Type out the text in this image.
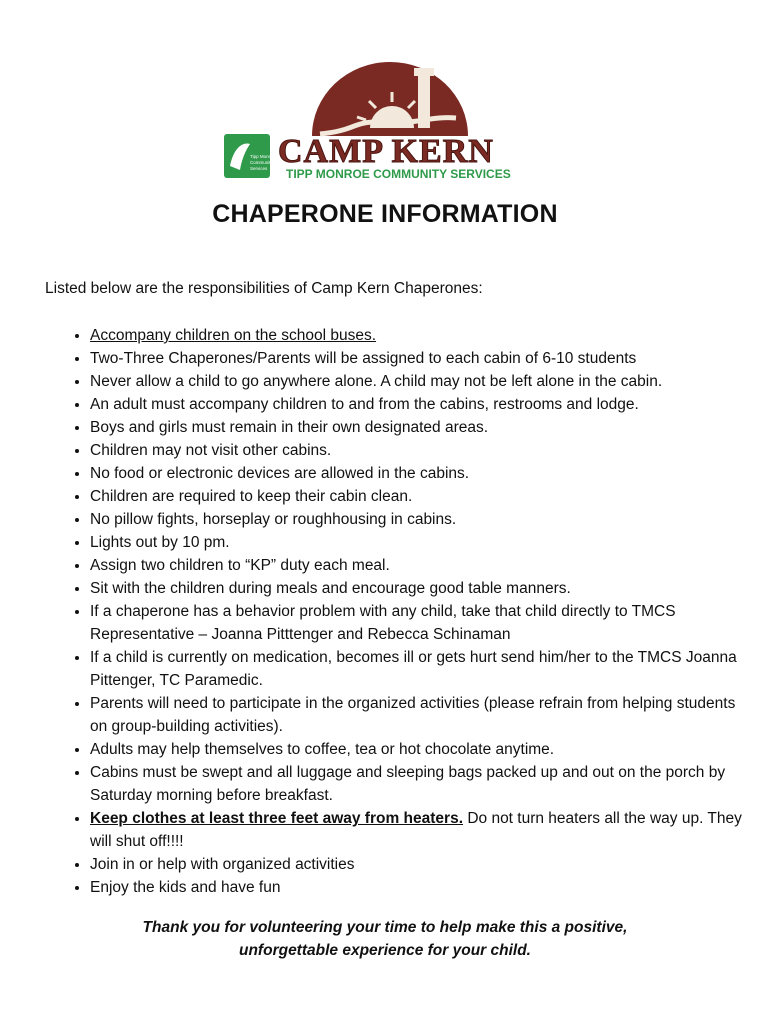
Tipp Monroe
Community
Services CAMP KERN
TIPP MONROE COMMUNITY SERVICES
CHAPERONE INFORMATION
Listed below are the responsibilities of Camp Kern Chaperones:
• Accompany children on the school buses.
• Two-Three Chaperones/Parents will be assigned to each cabin of 6-10 students
• Never allow a child to go anywhere alone. A child may not be left alone in the cabin.
• An adult must accompany children to and from the cabins, restrooms and lodge.
• Boys and girls must remain in their own designated areas.
• Children may not visit other cabins.
• No food or electronic devices are allowed in the cabins.
• Children are required to keep their cabin clean.
• No pillow fights, horseplay or roughhousing in cabins.
• Lights out by 10 pm.
• Assign two children to “KP” duty each meal.
• Sit with the children during meals and encourage good table manners.
• If a chaperone has a behavior problem with any child, take that child directly to TMCS Representative – Joanna Pitttenger and Rebecca Schinaman
• If a child is currently on medication, becomes ill or gets hurt send him/her to the TMCS Joanna Pittenger, TC Paramedic.
• Parents will need to participate in the organized activities (please refrain from helping students on group-building activities).
• Adults may help themselves to coffee, tea or hot chocolate anytime.
• Cabins must be swept and all luggage and sleeping bags packed up and out on the porch by Saturday morning before breakfast.
• Keep clothes at least three feet away from heaters. Do not turn heaters all the way up. They will shut off!!!!
• Join in or help with organized activities
• Enjoy the kids and have fun
Thank you for volunteering your time to help make this a positive,
unforgettable experience for your child.
